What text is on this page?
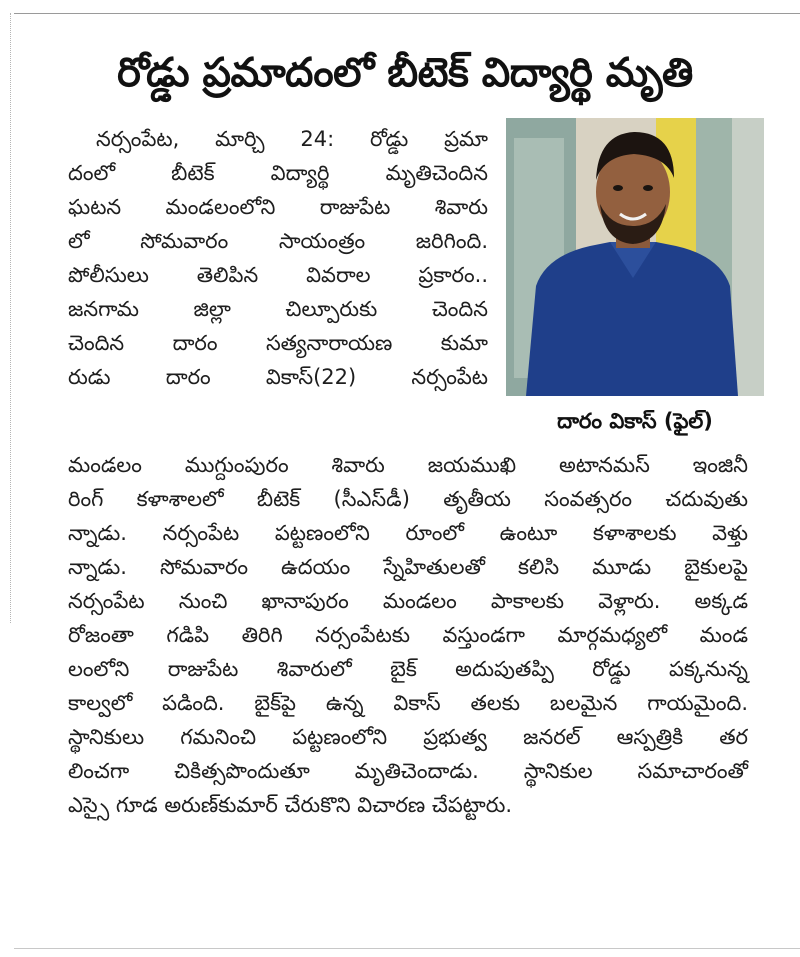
రోడ్డు ప్రమాదంలో బీటెక్ విద్యార్థి మృతి
దారం వికాస్ (ఫైల్)
నర్సంపేట, మార్చి 24: రోడ్డు ప్రమా
దంలో బీటెక్ విద్యార్థి మృతిచెందిన
ఘటన మండలంలోని రాజుపేట శివారు
లో సోమవారం సాయంత్రం జరిగింది.
పోలీసులు తెలిపిన వివరాల ప్రకారం..
జనగామ జిల్లా చిల్పూరుకు చెందిన
చెందిన దారం సత్యనారాయణ కుమా
రుడు దారం వికాస్(22) నర్సంపేట
మండలం ముగ్దుంపురం శివారు జయముఖి అటానమస్ ఇంజినీ
రింగ్ కళాశాలలో బీటెక్ (సీఎస్‌డీ) తృతీయ సంవత్సరం చదువుతు
న్నాడు. నర్సంపేట పట్టణంలోని రూంలో ఉంటూ కళాశాలకు వెళ్తు
న్నాడు. సోమవారం ఉదయం స్నేహితులతో కలిసి మూడు బైకులపై
నర్సంపేట నుంచి ఖానాపురం మండలం పాకాలకు వెళ్లారు. అక్కడ
రోజంతా గడిపి తిరిగి నర్సంపేటకు వస్తుండగా మార్గమధ్యలో మండ
లంలోని రాజుపేట శివారులో బైక్ అదుపుతప్పి రోడ్డు పక్కనున్న
కాల్వలో పడింది. బైక్‌పై ఉన్న వికాస్ తలకు బలమైన గాయమైంది.
స్థానికులు గమనించి పట్టణంలోని ప్రభుత్వ జనరల్ ఆస్పత్రికి తర
లించగా చికిత్సపొందుతూ మృతిచెందాడు. స్థానికుల సమాచారంతో
ఎస్సై గూడ అరుణ్‌కుమార్ చేరుకొని విచారణ చేపట్టారు.
